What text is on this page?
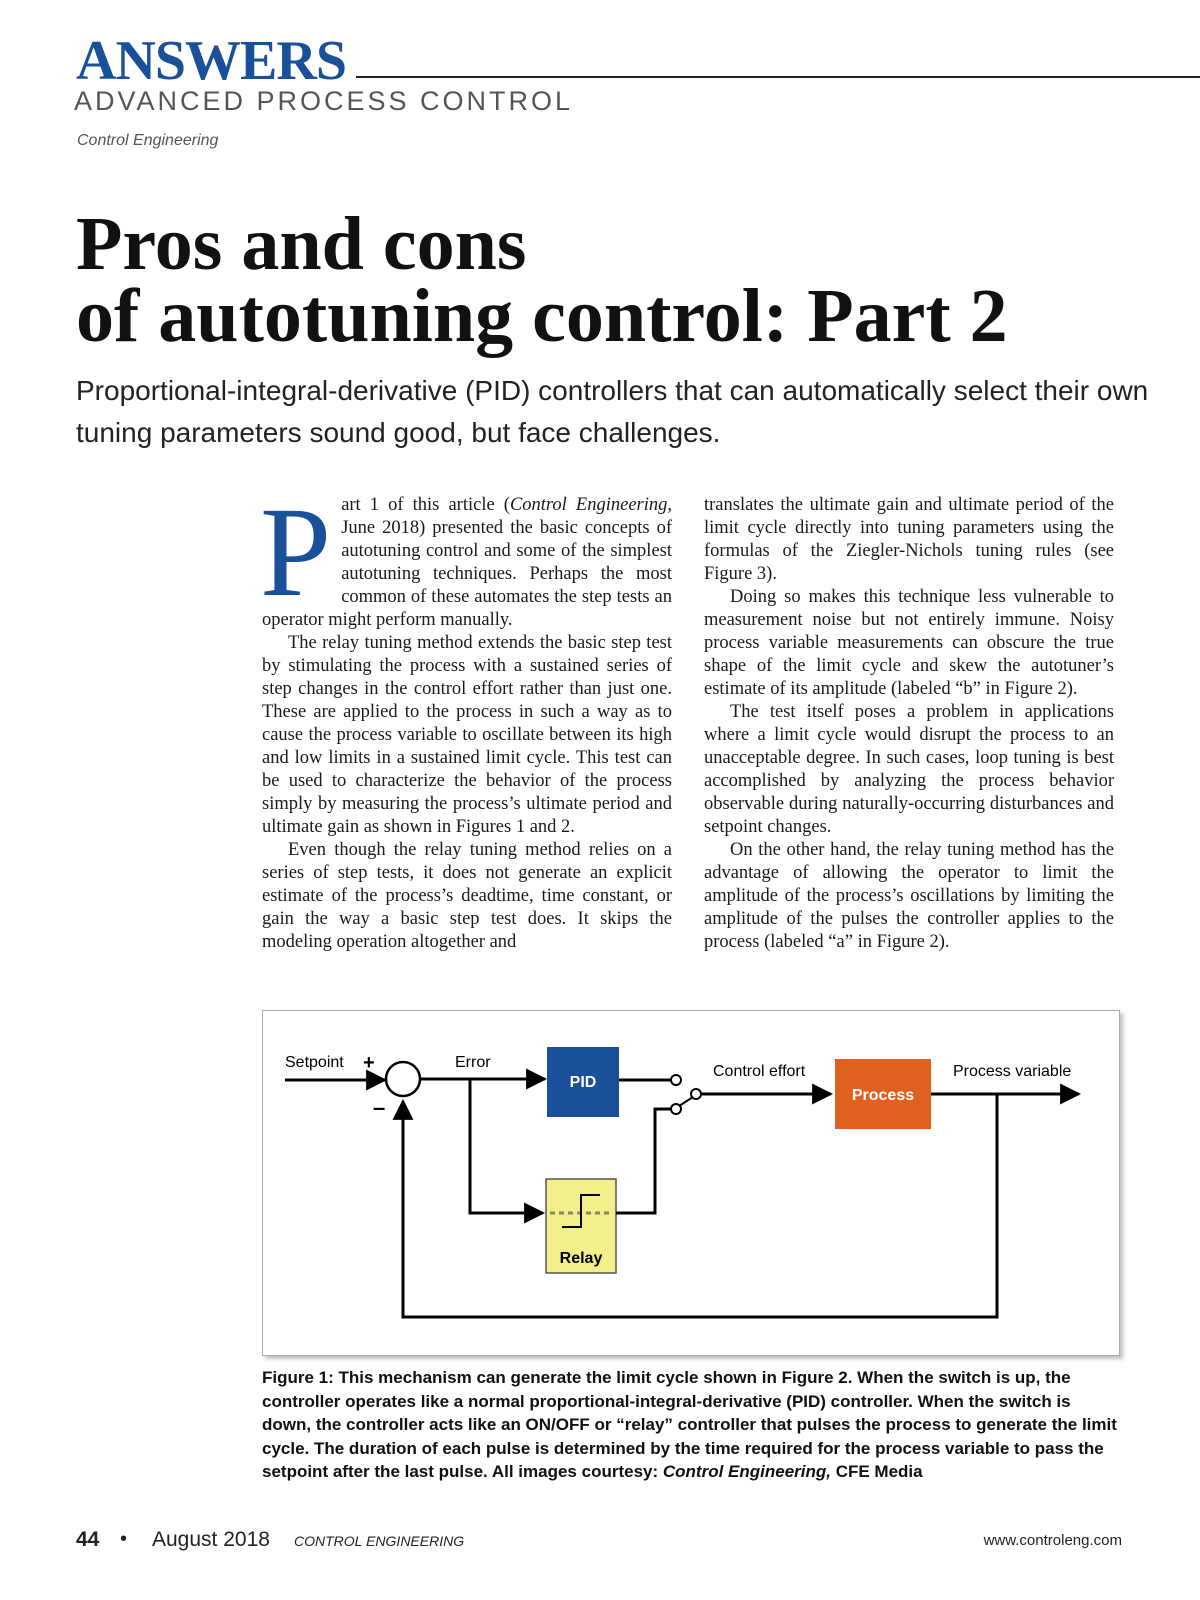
ANSWERS
ADVANCED PROCESS CONTROL
Control Engineering
Pros and cons
of autotuning control: Part 2

Proportional-integral-derivative (PID) controllers that can automatically select their own tuning parameters sound good, but face challenges.

Part 1 of this article (Control Engineering, June 2018) presented the basic concepts of autotuning control and some of the simplest autotuning techniques. Perhaps the most common of these automates the step tests an operator might perform manually.

The relay tuning method extends the basic step test by stimulating the process with a sustained series of step changes in the control effort rather than just one. These are applied to the process in such a way as to cause the process variable to oscillate between its high and low limits in a sustained limit cycle. This test can be used to characterize the behavior of the process simply by measuring the process’s ultimate period and ultimate gain as shown in Figures 1 and 2.

Even though the relay tuning method relies on a series of step tests, it does not generate an explicit estimate of the process’s deadtime, time constant, or gain the way a basic step test does. It skips the modeling operation altogether and

translates the ultimate gain and ultimate period of the limit cycle directly into tuning parameters using the formulas of the Ziegler-Nichols tuning rules (see Figure 3).

Doing so makes this technique less vulnerable to measurement noise but not entirely immune. Noisy process variable measurements can obscure the true shape of the limit cycle and skew the autotuner’s estimate of its amplitude (labeled “b” in Figure 2).

The test itself poses a problem in applications where a limit cycle would disrupt the process to an unacceptable degree. In such cases, loop tuning is best accomplished by analyzing the process behavior observable during naturally-occurring disturbances and setpoint changes.

On the other hand, the relay tuning method has the advantage of allowing the operator to limit the amplitude of the process’s oscillations by limiting the amplitude of the pulses the controller applies to the process (labeled “a” in Figure 2).

Setpoint +
–
Error
PID
Control effort
Process
Process variable
Relay

Figure 1: This mechanism can generate the limit cycle shown in Figure 2. When the switch is up, the controller operates like a normal proportional-integral-derivative (PID) controller. When the switch is down, the controller acts like an ON/OFF or “relay” controller that pulses the process to generate the limit cycle. The duration of each pulse is determined by the time required for the process variable to pass the setpoint after the last pulse. All images courtesy: Control Engineering, CFE Media

44 • August 2018 CONTROL ENGINEERING	www.controleng.com
